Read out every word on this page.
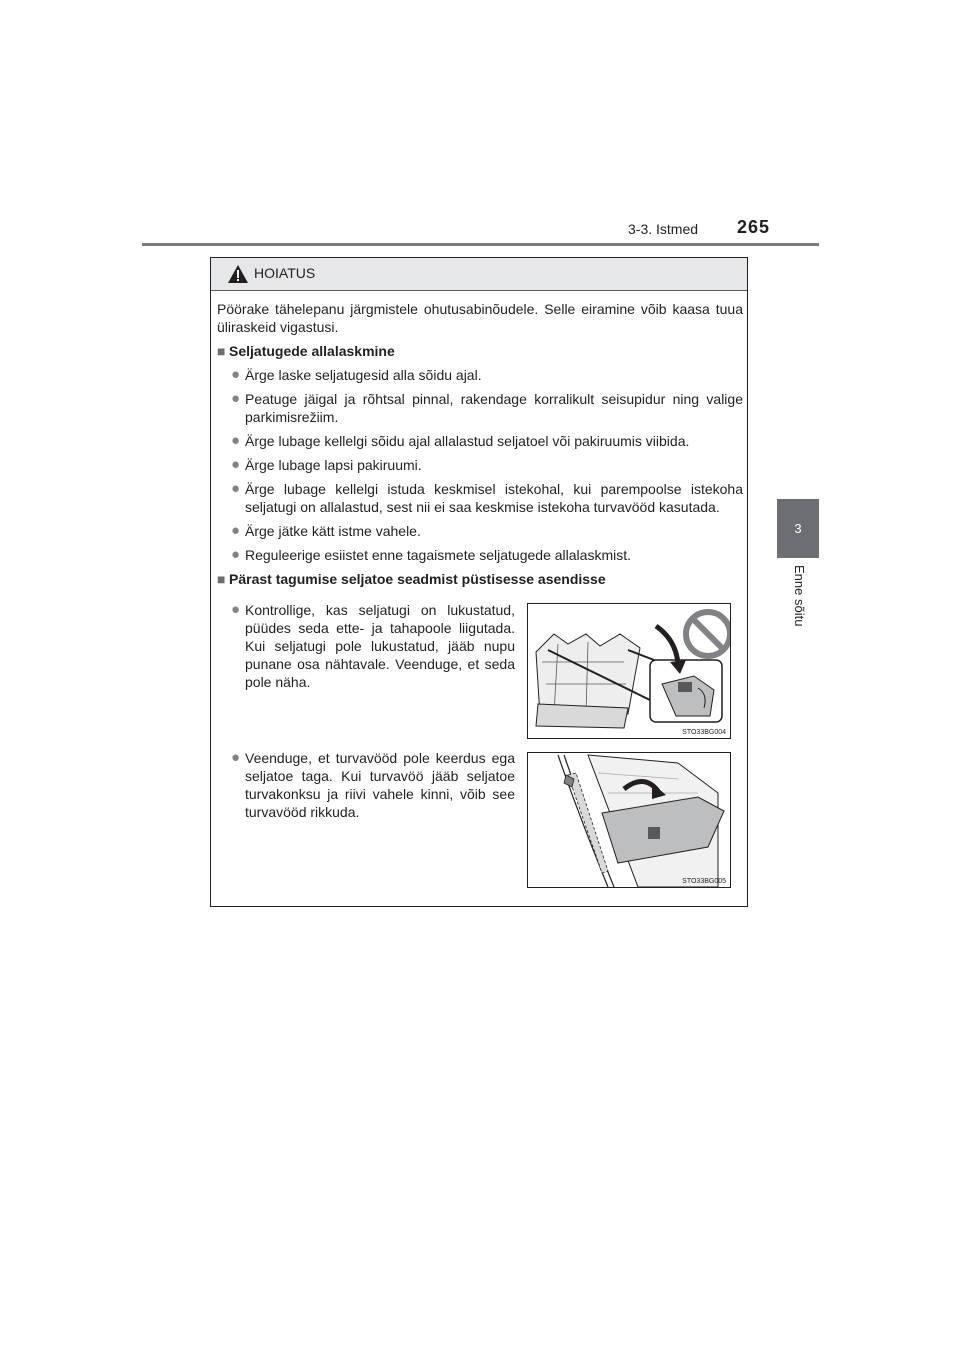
3-3. Istmed 265
3
Enne sõitu
HOIATUS

Pöörake tähelepanu järgmistele ohutusabinõudele. Selle eiramine võib kaasa tuua üliraskeid vigastusi.

■ Seljatugede allalaskmine

● Ärge laske seljatugesid alla sõidu ajal.
● Peatuge jäigal ja rõhtsal pinnal, rakendage korralikult seisupidur ning valige parkimisrežiim.
● Ärge lubage kellelgi sõidu ajal allalastud seljatoel või pakiruumis viibida.
● Ärge lubage lapsi pakiruumi.
● Ärge lubage kellelgi istuda keskmisel istekohal, kui parempoolse istekoha seljatugi on allalastud, sest nii ei saa keskmise istekoha turvavööd kasutada.
● Ärge jätke kätt istme vahele.
● Reguleerige esiistet enne tagaismete seljatugede allalaskmist.

■ Pärast tagumise seljatoe seadmist püstisesse asendisse

● Kontrollige, kas seljatugi on lukustatud, püüdes seda ette- ja tahapoole liigutada. Kui seljatugi pole lukustatud, jääb nupu punane osa nähtavale. Veenduge, et seda pole näha.
STO33BG004
● Veenduge, et turvavööd pole keerdus ega seljatoe taga. Kui turvavöö jääb seljatoe turvakonksu ja riivi vahele kinni, võib see turvavööd rikkuda.
STO33BG005
